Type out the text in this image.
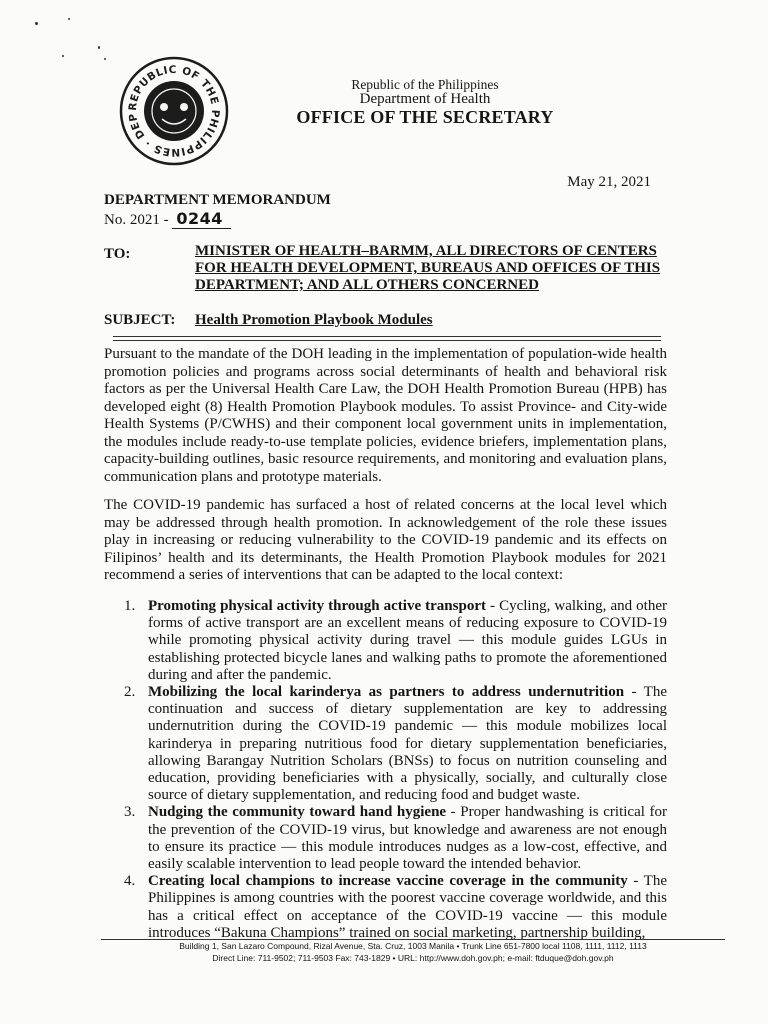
REPUBLIC OF THE PHILIPPINES · DEP
Republic of the Philippines
Department of Health
OFFICE OF THE SECRETARY
May 21, 2021
DEPARTMENT MEMORANDUM
No. 2021 - 0244
TO:	MINISTER OF HEALTH–BARMM, ALL DIRECTORS OF CENTERS FOR HEALTH DEVELOPMENT, BUREAUS AND OFFICES OF THIS DEPARTMENT; AND ALL OTHERS CONCERNED
SUBJECT: Health Promotion Playbook Modules
Pursuant to the mandate of the DOH leading in the implementation of population-wide health promotion policies and programs across social determinants of health and behavioral risk factors as per the Universal Health Care Law, the DOH Health Promotion Bureau (HPB) has developed eight (8) Health Promotion Playbook modules. To assist Province- and City-wide Health Systems (P/CWHS) and their component local government units in implementation, the modules include ready-to-use template policies, evidence briefers, implementation plans, capacity-building outlines, basic resource requirements, and monitoring and evaluation plans, communication plans and prototype materials.
The COVID-19 pandemic has surfaced a host of related concerns at the local level which may be addressed through health promotion. In acknowledgement of the role these issues play in increasing or reducing vulnerability to the COVID-19 pandemic and its effects on Filipinos’ health and its determinants, the Health Promotion Playbook modules for 2021 recommend a series of interventions that can be adapted to the local context:
1. Promoting physical activity through active transport - Cycling, walking, and other forms of active transport are an excellent means of reducing exposure to COVID-19 while promoting physical activity during travel — this module guides LGUs in establishing protected bicycle lanes and walking paths to promote the aforementioned during and after the pandemic.
2. Mobilizing the local karinderya as partners to address undernutrition - The continuation and success of dietary supplementation are key to addressing undernutrition during the COVID-19 pandemic — this module mobilizes local karinderya in preparing nutritious food for dietary supplementation beneficiaries, allowing Barangay Nutrition Scholars (BNSs) to focus on nutrition counseling and education, providing beneficiaries with a physically, socially, and culturally close source of dietary supplementation, and reducing food and budget waste.
3. Nudging the community toward hand hygiene - Proper handwashing is critical for the prevention of the COVID-19 virus, but knowledge and awareness are not enough to ensure its practice — this module introduces nudges as a low-cost, effective, and easily scalable intervention to lead people toward the intended behavior.
4. Creating local champions to increase vaccine coverage in the community - The Philippines is among countries with the poorest vaccine coverage worldwide, and this has a critical effect on acceptance of the COVID-19 vaccine — this module introduces “Bakuna Champions” trained on social marketing, partnership building,
Building 1, San Lazaro Compound, Rizal Avenue, Sta. Cruz, 1003 Manila • Trunk Line 651-7800 local 1108, 1111, 1112, 1113
Direct Line: 711-9502; 711-9503 Fax: 743-1829 • URL: http://www.doh.gov.ph; e-mail: ftduque@doh.gov.ph
